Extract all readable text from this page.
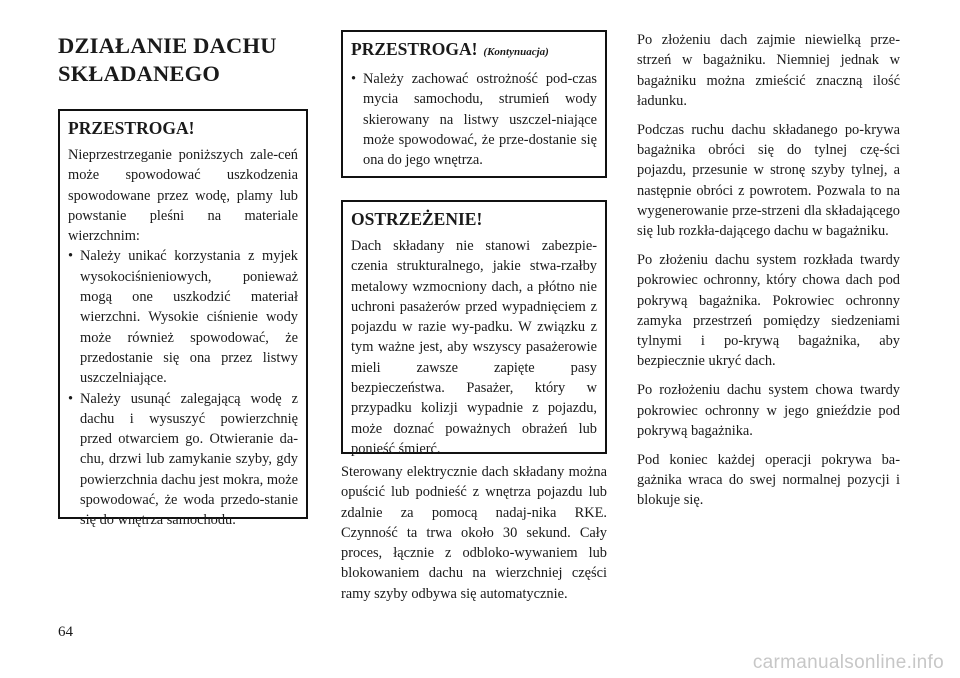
DZIAŁANIE DACHU
SKŁADANEGO
PRZESTROGA!

Nieprzestrzeganie poniższych zale-ceń może spowodować uszkodzenia spowodowane przez wodę, plamy lub powstanie pleśni na materiale wierzchnim:

• Należy unikać korzystania z myjek wysokociśnieniowych, ponieważ mogą one uszkodzić materiał wierzchni. Wysokie ciśnienie wody może również spowodować, że przedostanie się ona przez listwy uszczelniające.
• Należy usunąć zalegającą wodę z dachu i wysuszyć powierzchnię przed otwarciem go. Otwieranie da-chu, drzwi lub zamykanie szyby, gdy powierzchnia dachu jest mokra, może spowodować, że woda przedo-stanie się do wnętrza samochodu.
PRZESTROGA! (Kontynuacja)
• Należy zachować ostrożność pod-czas mycia samochodu, strumień wody skierowany na listwy uszczel-niające może spowodować, że prze-dostanie się ona do jego wnętrza.
OSTRZEŻENIE!

Dach składany nie stanowi zabezpie-czenia strukturalnego, jakie stwa-rzałby metalowy wzmocniony dach, a płótno nie uchroni pasażerów przed wypadnięciem z pojazdu w razie wy-padku. W związku z tym ważne jest, aby wszyscy pasażerowie mieli zawsze zapięte pasy bezpieczeństwa. Pasażer, który w przypadku kolizji wypadnie z pojazdu, może doznać poważnych obrażeń lub ponieść śmierć.

Sterowany elektrycznie dach składany można opuścić lub podnieść z wnętrza pojazdu lub zdalnie za pomocą nadaj-nika RKE. Czynność ta trwa około 30 sekund. Cały proces, łącznie z odbloko-wywaniem lub blokowaniem dachu na wierzchniej części ramy szyby odbywa się automatycznie.

Po złożeniu dach zajmie niewielką prze-strzeń w bagażniku. Niemniej jednak w bagażniku można zmieścić znaczną ilość ładunku.

Podczas ruchu dachu składanego po-krywa bagażnika obróci się do tylnej czę-ści pojazdu, przesunie w stronę szyby tylnej, a następnie obróci z powrotem. Pozwala to na wygenerowanie prze-strzeni dla składającego się lub rozkła-dającego dachu w bagażniku.

Po złożeniu dachu system rozkłada twardy pokrowiec ochronny, który chowa dach pod pokrywą bagażnika. Pokrowiec ochronny zamyka przestrzeń pomiędzy siedzeniami tylnymi i po-krywą bagażnika, aby bezpiecznie ukryć dach.

Po rozłożeniu dachu system chowa twardy pokrowiec ochronny w jego gnieździe pod pokrywą bagażnika.

Pod koniec każdej operacji pokrywa ba-gażnika wraca do swej normalnej pozycji i blokuje się.

64
carmanualsonline.info
